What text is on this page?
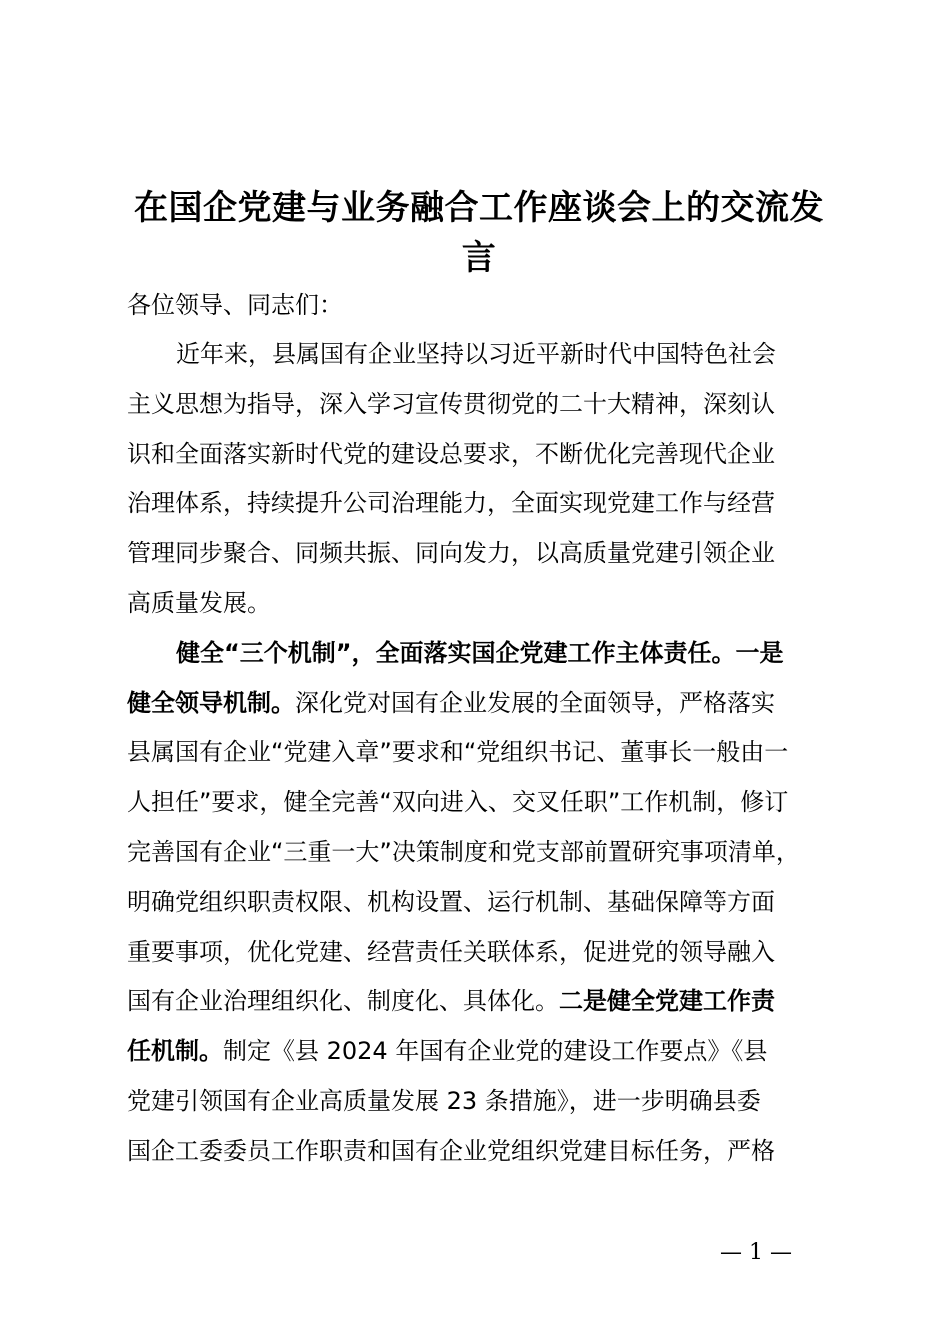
在国企党建与业务融合工作座谈会上的交流发
言

各位领导、同志们：

近年来，县属国有企业坚持以习近平新时代中国特色社会
主义思想为指导，深入学习宣传贯彻党的二十大精神，深刻认
识和全面落实新时代党的建设总要求，不断优化完善现代企业
治理体系，持续提升公司治理能力，全面实现党建工作与经营
管理同步聚合、同频共振、同向发力，以高质量党建引领企业
高质量发展。
健全“三个机制”，全面落实国企党建工作主体责任。一是
健全领导机制。深化党对国有企业发展的全面领导，严格落实
县属国有企业“党建入章”要求和“党组织书记、董事长一般由一
人担任”要求，健全完善“双向进入、交叉任职”工作机制，修订
完善国有企业“三重一大”决策制度和党支部前置研究事项清单，
明确党组织职责权限、机构设置、运行机制、基础保障等方面
重要事项，优化党建、经营责任关联体系，促进党的领导融入
国有企业治理组织化、制度化、具体化。二是健全党建工作责
任机制。制定《县 2024 年国有企业党的建设工作要点》《县
党建引领国有企业高质量发展 23 条措施》，进一步明确县委
国企工委委员工作职责和国有企业党组织党建目标任务，严格
— 1 —
